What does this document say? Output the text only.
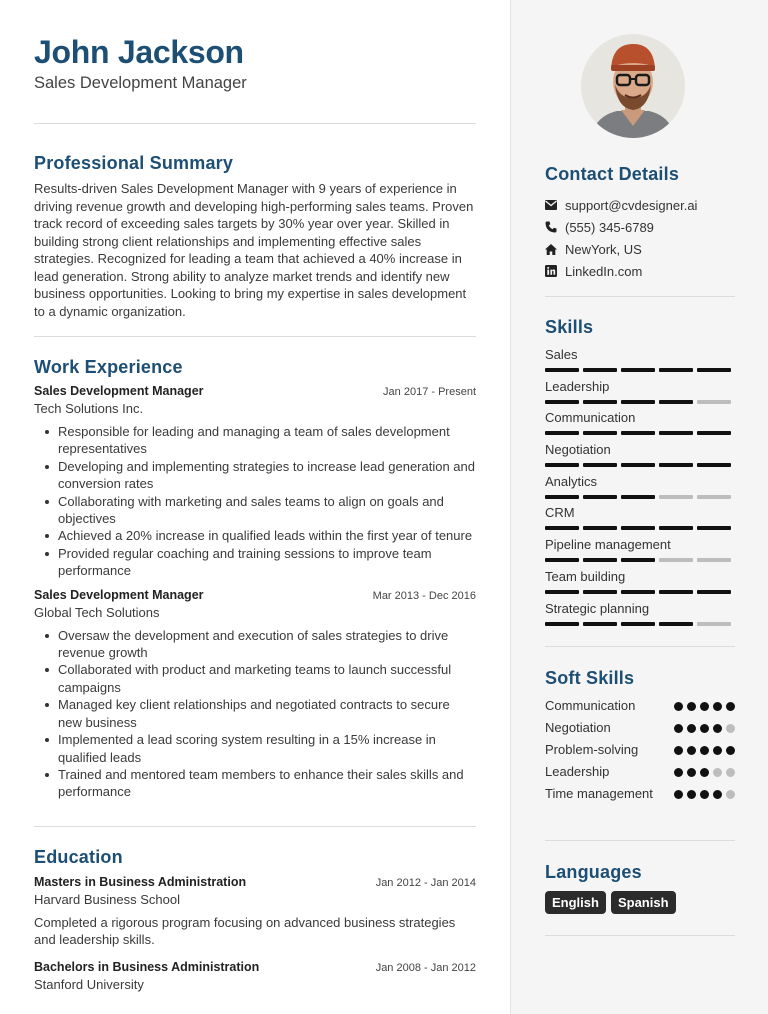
John Jackson
Sales Development Manager
Professional Summary
Results-driven Sales Development Manager with 9 years of experience in driving revenue growth and developing high-performing sales teams. Proven track record of exceeding sales targets by 30% year over year. Skilled in building strong client relationships and implementing effective sales strategies. Recognized for leading a team that achieved a 40% increase in lead generation. Strong ability to analyze market trends and identify new business opportunities. Looking to bring my expertise in sales development to a dynamic organization.
Work Experience
Sales Development Manager	Jan 2017 - Present
Tech Solutions Inc.
Responsible for leading and managing a team of sales development representatives
Developing and implementing strategies to increase lead generation and conversion rates
Collaborating with marketing and sales teams to align on goals and objectives
Achieved a 20% increase in qualified leads within the first year of tenure
Provided regular coaching and training sessions to improve team performance
Sales Development Manager	Mar 2013 - Dec 2016
Global Tech Solutions
Oversaw the development and execution of sales strategies to drive revenue growth
Collaborated with product and marketing teams to launch successful campaigns
Managed key client relationships and negotiated contracts to secure new business
Implemented a lead scoring system resulting in a 15% increase in qualified leads
Trained and mentored team members to enhance their sales skills and performance
Education
Masters in Business Administration	Jan 2012 - Jan 2014
Harvard Business School
Completed a rigorous program focusing on advanced business strategies and leadership skills.
Bachelors in Business Administration	Jan 2008 - Jan 2012
Stanford University
Contact Details
support@cvdesigner.ai
(555) 345-6789
NewYork, US
LinkedIn.com
Skills
Sales
Leadership
Communication
Negotiation
Analytics
CRM
Pipeline management
Team building
Strategic planning
Soft Skills
Communication
Negotiation
Problem-solving
Leadership
Time management
Languages
English	Spanish
